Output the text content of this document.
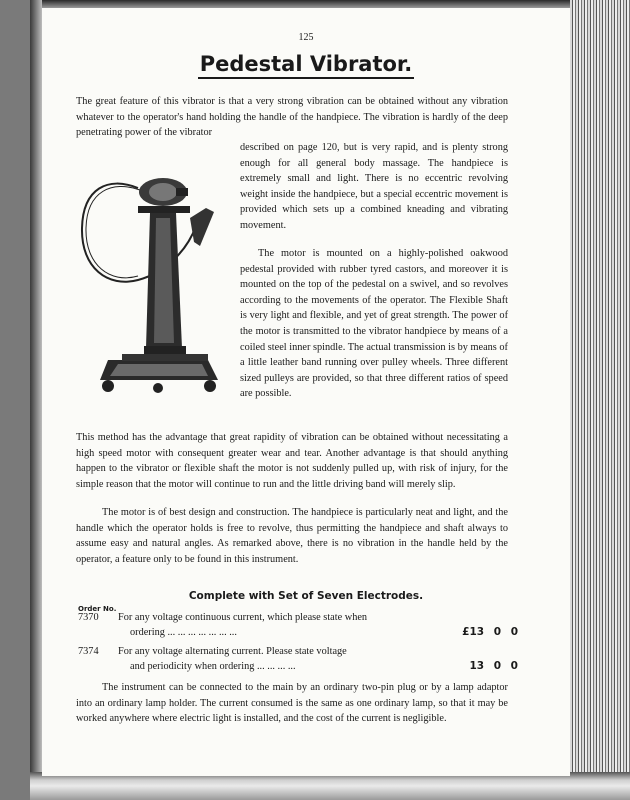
125
Pedestal Vibrator.
The great feature of this vibrator is that a very strong vibration can be obtained without any vibration whatever to the operator's hand holding the handle of the handpiece. The vibration is hardly of the deep penetrating power of the vibrator
described on page 120, but is very rapid, and is plenty strong enough for all general body massage. The handpiece is extremely small and light. There is no eccentric revolving weight inside the handpiece, but a special eccentric movement is provided which sets up a combined kneading and vibrating movement.
The motor is mounted on a highly-polished oakwood pedestal provided with rubber tyred castors, and moreover it is mounted on the top of the pedestal on a swivel, and so revolves according to the movements of the operator. The Flexible Shaft is very light and flexible, and yet of great strength. The power of the motor is transmitted to the vibrator handpiece by means of a coiled steel inner spindle. The actual transmission is by means of a little leather band running over pulley wheels. Three different sized pulleys are provided, so that three different ratios of speed are possible.
This method has the advantage that great rapidity of vibration can be obtained without necessitating a high speed motor with consequent greater wear and tear. Another advantage is that should anything happen to the vibrator or flexible shaft the motor is not suddenly pulled up, with risk of injury, for the simple reason that the motor will continue to run and the little driving band will merely slip.
The motor is of best design and construction. The handpiece is particularly neat and light, and the handle which the operator holds is free to revolve, thus permitting the handpiece and shaft always to assume easy and natural angles. As remarked above, there is no vibration in the handle held by the operator, a feature only to be found in this instrument.
Complete with Set of Seven Electrodes.
Order No.
7370 For any voltage continuous current, which please state when
ordering ... ... ... ... ... ... ...	£13 0 0
7374 For any voltage alternating current. Please state voltage
and periodicity when ordering ... ... ... ...	13 0 0
The instrument can be connected to the main by an ordinary two-pin plug or by a lamp adaptor into an ordinary lamp holder. The current consumed is the same as one ordinary lamp, so that it may be worked anywhere where electric light is installed, and the cost of the current is negligible.
